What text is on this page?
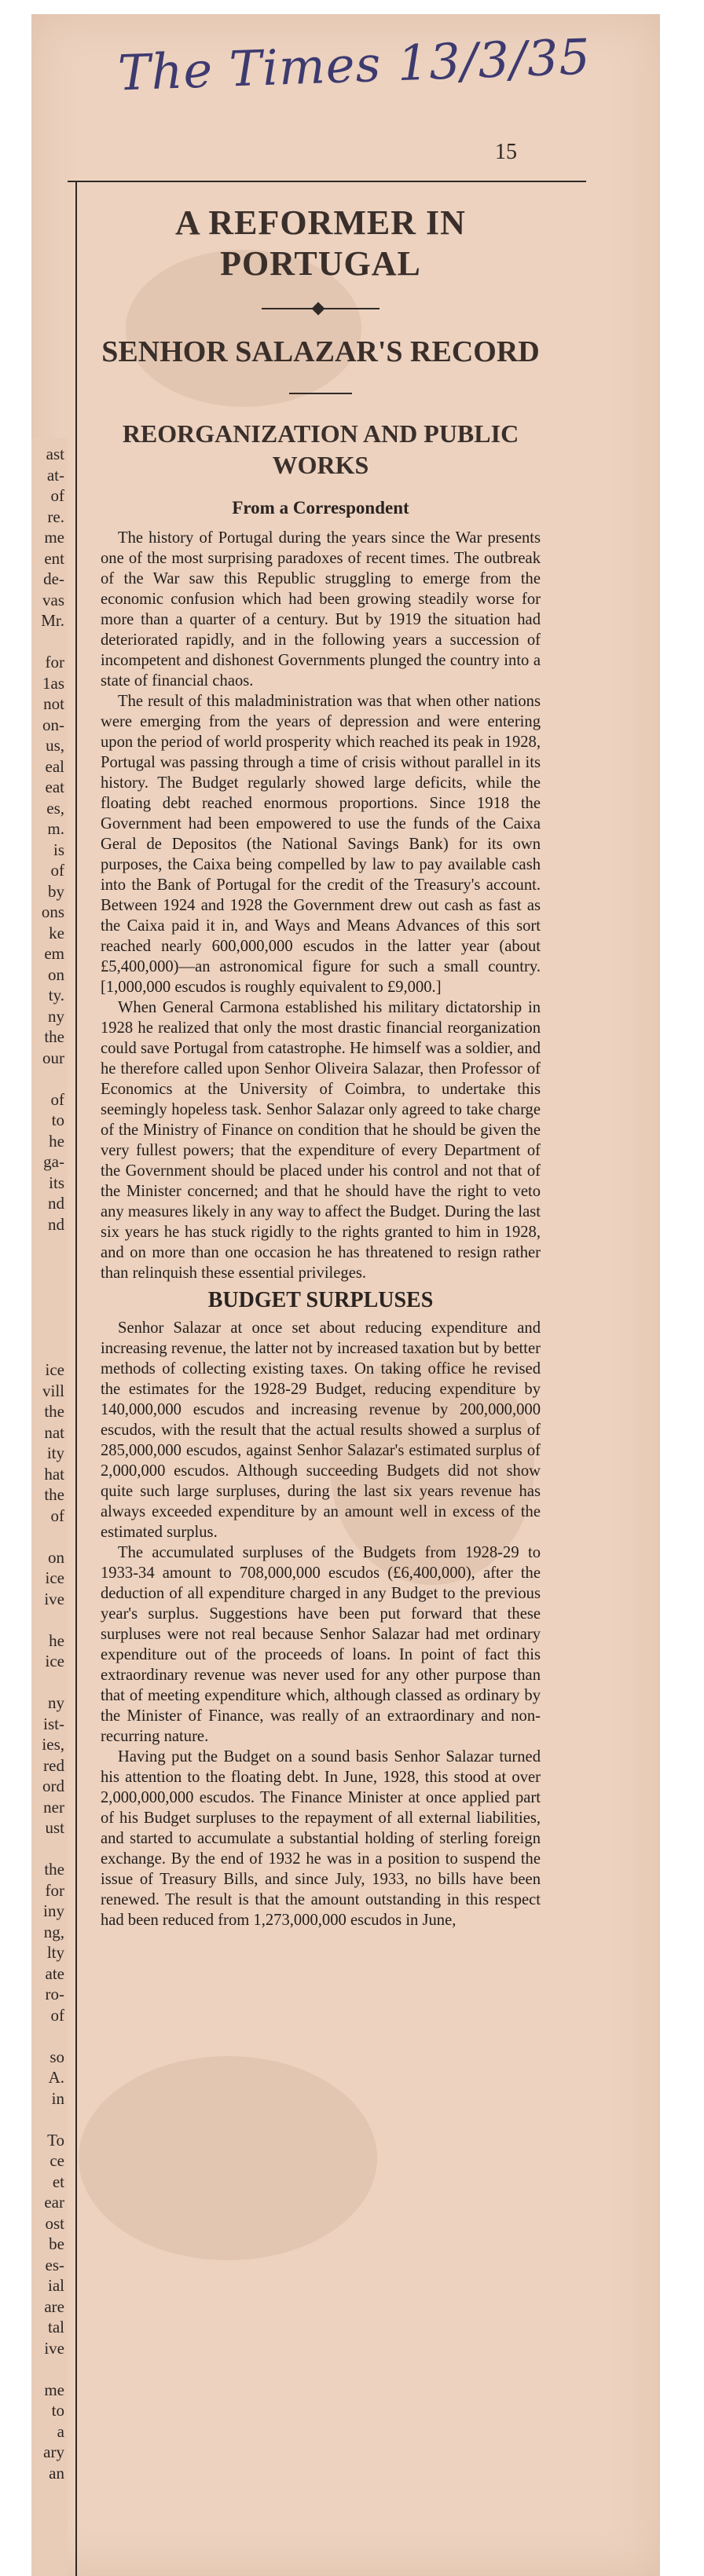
The Times 13/3/35
15
ast
at-
of
re.
me
ent
de-
vas
Mr.
for
1as
not
on-
us,
eal
eat
es,
m.
is
of
by
ons
ke
em
on
ty.
ny
the
our
of
to
he
ga-
its
nd
nd
ice
vill
the
nat
ity
hat
the
of
on
ice
ive
he
ice
ny
ist-
ies,
red
ord
ner
ust
the
for
iny
ng,
lty
ate
ro-
of
so
A.
in
To
ce
et
ear
ost
be
es-
ial
are
tal
ive
me
to
a
ary
an
A REFORMER IN PORTUGAL
SENHOR SALAZAR'S RECORD
REORGANIZATION AND PUBLIC WORKS
From a Correspondent

The history of Portugal during the years since the War presents one of the most surprising paradoxes of recent times. The outbreak of the War saw this Republic struggling to emerge from the economic confusion which had been growing steadily worse for more than a quarter of a century. But by 1919 the situation had deteriorated rapidly, and in the following years a succession of incompetent and dishonest Governments plunged the country into a state of financial chaos.

The result of this maladministration was that when other nations were emerging from the years of depression and were entering upon the period of world prosperity which reached its peak in 1928, Portugal was passing through a time of crisis without parallel in its history. The Budget regularly showed large deficits, while the floating debt reached enormous proportions. Since 1918 the Government had been empowered to use the funds of the Caixa Geral de Depositos (the National Savings Bank) for its own purposes, the Caixa being compelled by law to pay available cash into the Bank of Portugal for the credit of the Treasury's account. Between 1924 and 1928 the Government drew out cash as fast as the Caixa paid it in, and Ways and Means Advances of this sort reached nearly 600,000,000 escudos in the latter year (about £5,400,000)—an astronomical figure for such a small country. [1,000,000 escudos is roughly equivalent to £9,000.]

When General Carmona established his military dictatorship in 1928 he realized that only the most drastic financial reorganization could save Portugal from catastrophe. He himself was a soldier, and he therefore called upon Senhor Oliveira Salazar, then Professor of Economics at the University of Coimbra, to undertake this seemingly hopeless task. Senhor Salazar only agreed to take charge of the Ministry of Finance on condition that he should be given the very fullest powers; that the expenditure of every Department of the Government should be placed under his control and not that of the Minister concerned; and that he should have the right to veto any measures likely in any way to affect the Budget. During the last six years he has stuck rigidly to the rights granted to him in 1928, and on more than one occasion he has threatened to resign rather than relinquish these essential privileges.

BUDGET SURPLUSES

Senhor Salazar at once set about reducing expenditure and increasing revenue, the latter not by increased taxation but by better methods of collecting existing taxes. On taking office he revised the estimates for the 1928-29 Budget, reducing expenditure by 140,000,000 escudos and increasing revenue by 200,000,000 escudos, with the result that the actual results showed a surplus of 285,000,000 escudos, against Senhor Salazar's estimated surplus of 2,000,000 escudos. Although succeeding Budgets did not show quite such large surpluses, during the last six years revenue has always exceeded expenditure by an amount well in excess of the estimated surplus.

The accumulated surpluses of the Budgets from 1928-29 to 1933-34 amount to 708,000,000 escudos (£6,400,000), after the deduction of all expenditure charged in any Budget to the previous year's surplus. Suggestions have been put forward that these surpluses were not real because Senhor Salazar had met ordinary expenditure out of the proceeds of loans. In point of fact this extraordinary revenue was never used for any other purpose than that of meeting expenditure which, although classed as ordinary by the Minister of Finance, was really of an extraordinary and non-recurring nature.

Having put the Budget on a sound basis Senhor Salazar turned his attention to the floating debt. In June, 1928, this stood at over 2,000,000,000 escudos. The Finance Minister at once applied part of his Budget surpluses to the repayment of all external liabilities, and started to accumulate a substantial holding of sterling foreign exchange. By the end of 1932 he was in a position to suspend the issue of Treasury Bills, and since July, 1933, no bills have been renewed. The result is that the amount outstanding in this respect had been reduced from 1,273,000,000 escudos in June,
